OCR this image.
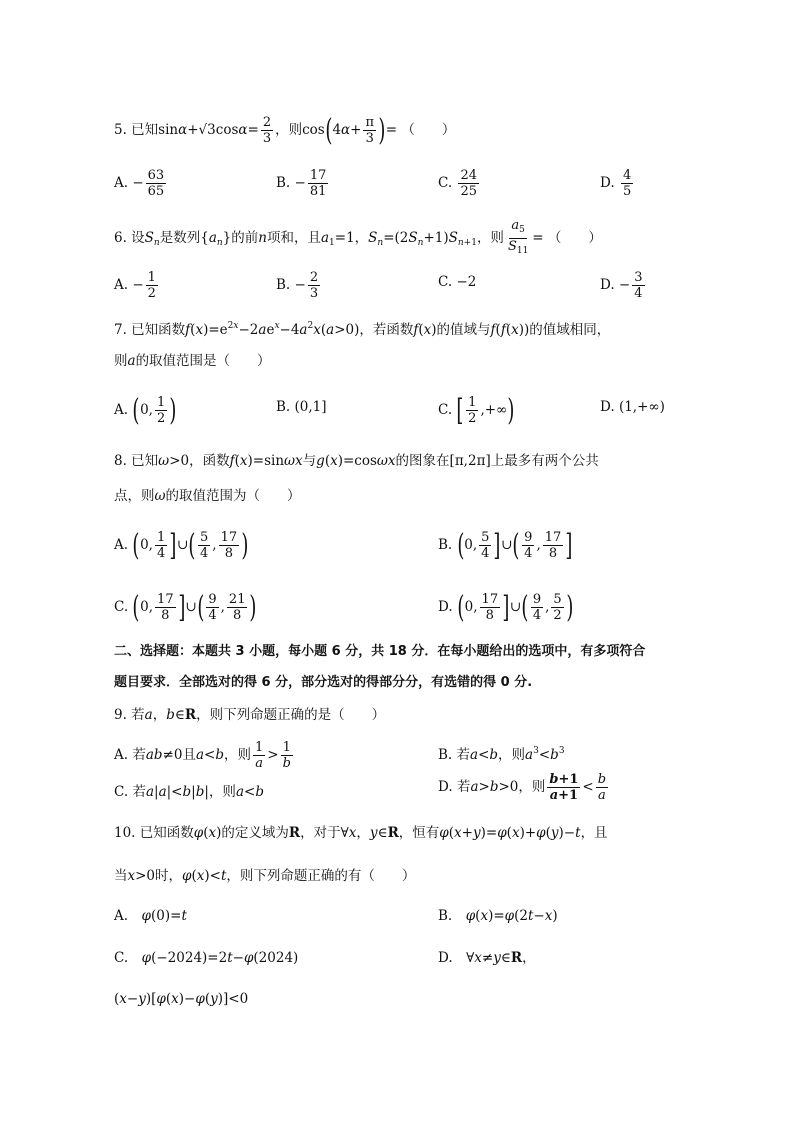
5. 已知$\sin\alpha+√3\cos\alpha= \frac{2}{3}$ ，则$\cos(4\alpha+ \frac{\pi}{3}$ )= （　　）
A. − $\frac{63}{65}$	B. − $\frac{17}{81}$	C. $\frac{24}{25}$	D. $\frac{4}{5}$
6. 设$S_n$是数列$\{a_n\}$的前n项和，且$a_1=1$，$S_n=(2S_n+1)S_{n+1}$，则 $\frac{a_5}{S_{11}}$ = （　　）
A. − $\frac{1}{2}$	B. − $\frac{2}{3}$	C. −2	D. − $\frac{3}{4}$
7. 已知函数$f(x)=e^{2x}-2ae^x-4a^2x(a>0)$，若函数f(x)的值域与f(f(x))的值域相同，
则a的取值范围是（　　）
A. (0, $\frac{1}{2}$ )	B. (0,1]	C. [ $\frac{1}{2}$ ,+∞)	D. (1,+∞)
8. 已知ω>0，函数f(x)=sinωx与g(x)=cosωx的图象在[π,2π]上最多有两个公共
点，则ω的取值范围为（　　）
A. (0, $\frac{1}{4}$ ]∪( $\frac{5}{4}$ , $\frac{17}{8}$ )	B. (0, $\frac{5}{4}$ ]∪( $\frac{9}{4}$ , $\frac{17}{8}$ ]
C. (0, $\frac{17}{8}$ ]∪( $\frac{9}{4}$ , $\frac{21}{8}$ )	D. (0, $\frac{17}{8}$ ]∪( $\frac{9}{4}$ , $\frac{5}{2}$ )
二、选择题：本题共 3 小题，每小题 6 分，共 18 分．在每小题给出的选项中，有多项符合
题目要求．全部选对的得 6 分，部分选对的得部分分，有选错的得 0 分.
9. 若a，b∈R，则下列命题正确的是（　　）
A. 若ab≠0且a<b，则 $\frac{1}{a} > \frac{1}{b}$	B. 若a<b，则$a^3<b^3$
C. 若a|a|<b|b|，则a<b	D. 若a>b>0，则 $\frac{b+1}{a+1} < \frac{b}{a}$
10. 已知函数φ(x)的定义域为R，对于∀x，y∈R，恒有φ(x+y)=φ(x)+φ(y)−t，且
当x>0时，φ(x)<t，则下列命题正确的有（　　）
A.　 φ(0)=t	B.　 φ(x)=φ(2t−x)
C.　 φ(−2024)=2t−φ(2024)	D.　∀x≠y∈R，
(x−y)[φ(x)−φ(y)]<0
